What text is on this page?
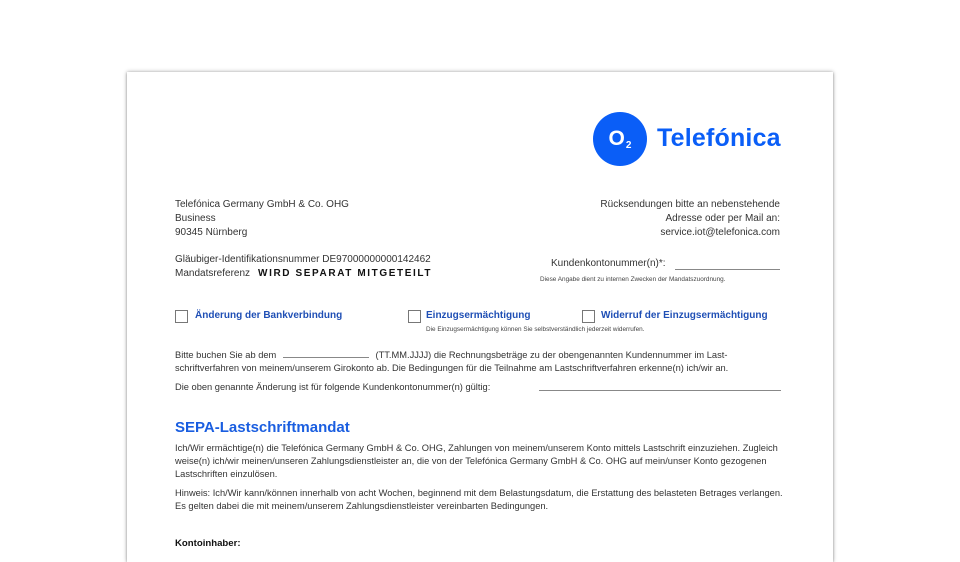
O 2 Telefónica
Telefónica Germany GmbH & Co. OHG
Business
90345 Nürnberg
Rücksendungen bitte an nebenstehende
Adresse oder per Mail an:
service.iot@telefonica.com
Gläubiger-Identifikationsnummer DE97000000000142462
Mandatsreferenz WIRD SEPARAT MITGETEILT
Kundenkontonummer(n)*:
Diese Angabe dient zu internen Zwecken der Mandatszuordnung.
Änderung der Bankverbindung	Einzugsermächtigung	Widerruf der Einzugsermächtigung
Die Einzugsermächtigung können Sie selbstverständlich jederzeit widerrufen.
Bitte buchen Sie ab dem	(TT.MM.JJJJ) die Rechnungsbeträge zu der obengenannten Kundennummer im Last-
schriftverfahren von meinem/unserem Girokonto ab. Die Bedingungen für die Teilnahme am Lastschriftverfahren erkenne(n) ich/wir an.
Die oben genannte Änderung ist für folgende Kundenkontonummer(n) gültig:
SEPA-Lastschriftmandat
Ich/Wir ermächtige(n) die Telefónica Germany GmbH & Co. OHG, Zahlungen von meinem/unserem Konto mittels Lastschrift einzuziehen. Zugleich weise(n) ich/wir meinen/unseren Zahlungsdienstleister an, die von der Telefónica Germany GmbH & Co. OHG auf mein/unser Konto gezogenen Lastschriften einzulösen.
Hinweis: Ich/Wir kann/können innerhalb von acht Wochen, beginnend mit dem Belastungsdatum, die Erstattung des belasteten Betrages verlangen. Es gelten dabei die mit meinem/unserem Zahlungsdienstleister vereinbarten Bedingungen.
Kontoinhaber:
